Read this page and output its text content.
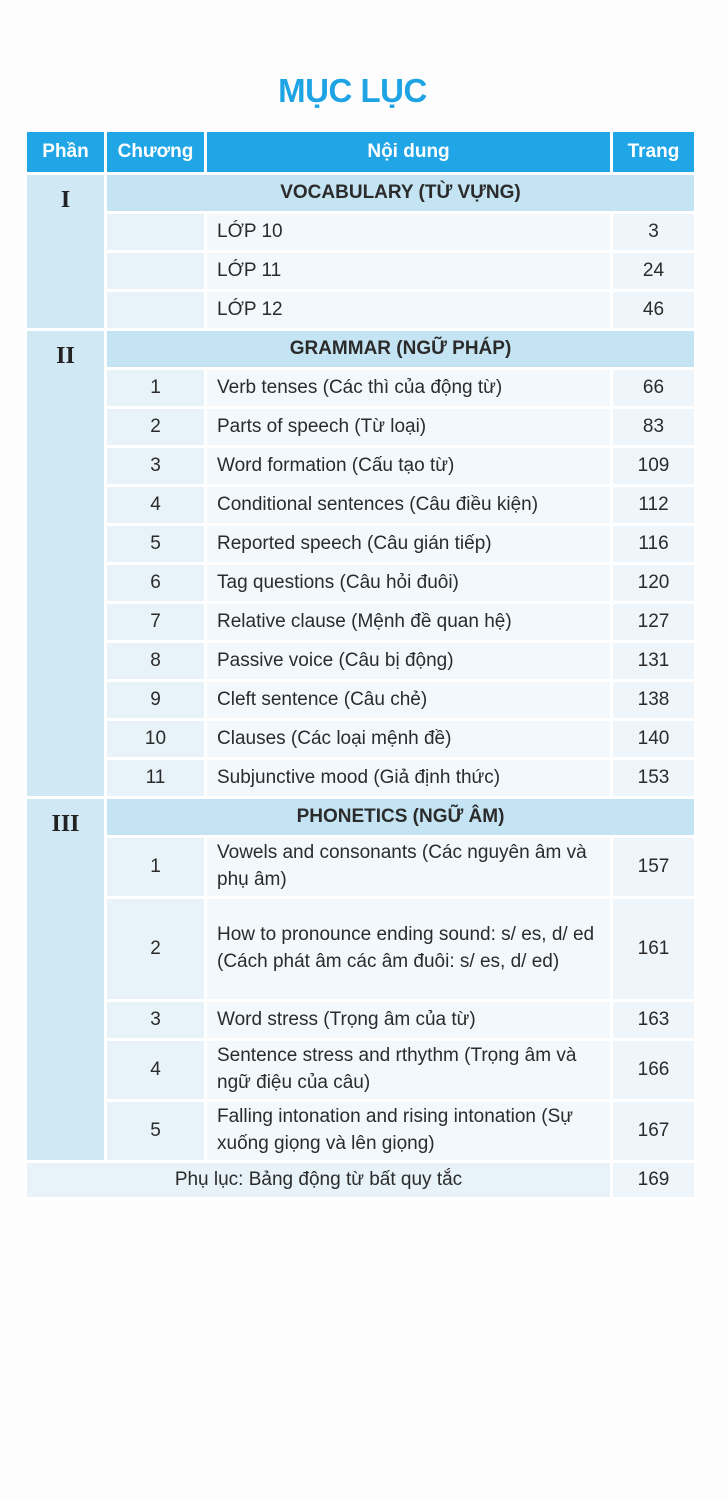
MỤC LỤC
Phần	Chương	Nội dung	Trang
I	VOCABULARY (TỪ VỰNG)		
		LỚP 10	3
		LỚP 11	24
		LỚP 12	46
II	GRAMMAR (NGỮ PHÁP)		
	1	Verb tenses (Các thì của động từ)	66
	2	Parts of speech (Từ loại)	83
	3	Word formation (Cấu tạo từ)	109
	4	Conditional sentences (Câu điều kiện)	112
	5	Reported speech (Câu gián tiếp)	116
	6	Tag questions (Câu hỏi đuôi)	120
	7	Relative clause (Mệnh đề quan hệ)	127
	8	Passive voice (Câu bị động)	131
	9	Cleft sentence (Câu chẻ)	138
	10	Clauses (Các loại mệnh đề)	140
	11	Subjunctive mood (Giả định thức)	153
III	PHONETICS (NGỮ ÂM)		
	1	Vowels and consonants (Các nguyên âm và phụ âm)	157
	2	How to pronounce ending sound: s/ es, d/ ed (Cách phát âm các âm đuôi: s/ es, d/ ed)	161
	3	Word stress (Trọng âm của từ)	163
	4	Sentence stress and rthythm (Trọng âm và ngữ điệu của câu)	166
	5	Falling intonation and rising intonation (Sự xuống giọng và lên giọng)	167
Phụ lục: Bảng động từ bất quy tắc			169
